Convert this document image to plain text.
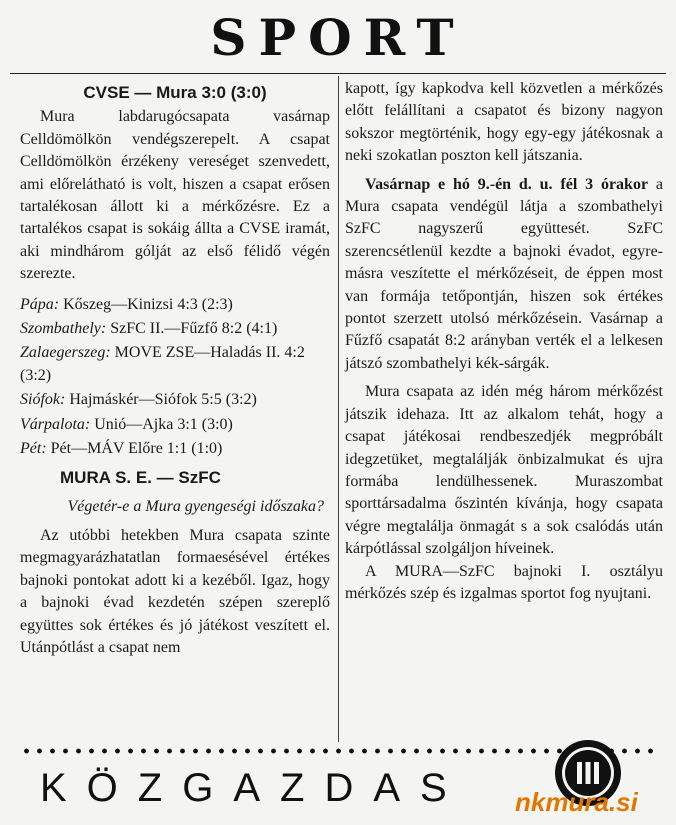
SPORT
CVSE — Mura 3:0 (3:0)

Mura labdarugócsapata vasárnap Celldömölkön vendégszerepelt. A csapat Celldömölkön érzékeny vereséget szenvedett, ami előrelátható is volt, hiszen a csapat erősen tartalékosan állott ki a mérkőzésre. Ez a tartalékos csapat is sokáig állta a CVSE iramát, aki mindhárom gólját az első félidő végén szerezte.

Pápa: Kőszeg—Kinizsi 4:3 (2:3)
Szombathely: SzFC II.—Fűzfő 8:2 (4:1)
Zalaegerszeg: MOVE ZSE—Haladás II. 4:2 (3:2)
Siófok: Hajmáskér—Siófok 5:5 (3:2)
Várpalota: Unió—Ajka 3:1 (3:0)
Pét: Pét—MÁV Előre 1:1 (1:0)
MURA S. E. — SzFC
Végetér-e a Mura gyengeségi időszaka?

Az utóbbi hetekben Mura csapata szinte megmagyarázhatatlan formaesésével értékes bajnoki pontokat adott ki a kezéből. Igaz, hogy a bajnoki évad kezdetén szépen szereplő együttes sok értékes és jó játékost veszített el. Utánpótlást a csapat nem

kapott, így kapkodva kell közvetlen a mérkőzés előtt felállítani a csapatot és bizony nagyon sokszor megtörténik, hogy egy-egy játékosnak a neki szokatlan poszton kell játszania.

Vasárnap e hó 9.-én d. u. fél 3 órakor a Mura csapata vendégül látja a szombathelyi SzFC nagyszerű együttesét. SzFC szerencsétlenül kezdte a bajnoki évadot, egyre-másra veszítette el mérkőzéseit, de éppen most van formája tetőpontján, hiszen sok értékes pontot szerzett utolsó mérkőzésein. Vasárnap a Fűzfő csapatát 8:2 arányban verték el a lelkesen játszó szombathelyi kék-sárgák.

Mura csapata az idén még három mérkőzést játszik idehaza. Itt az alkalom tehát, hogy a csapat játékosai rendbeszedjék megpróbált idegzetüket, megtalálják önbizalmukat és ujra formába lendülhessenek. Muraszombat sporttársadalma őszintén kívánja, hogy csapata végre megtalálja önmagát s a sok csalódás után kárpótlással szolgáljon híveinek.

A MURA—SzFC bajnoki I. osztályu mérkőzés szép és izgalmas sportot fog nyujtani.

KÖZGAZDAS	nkmura.si
